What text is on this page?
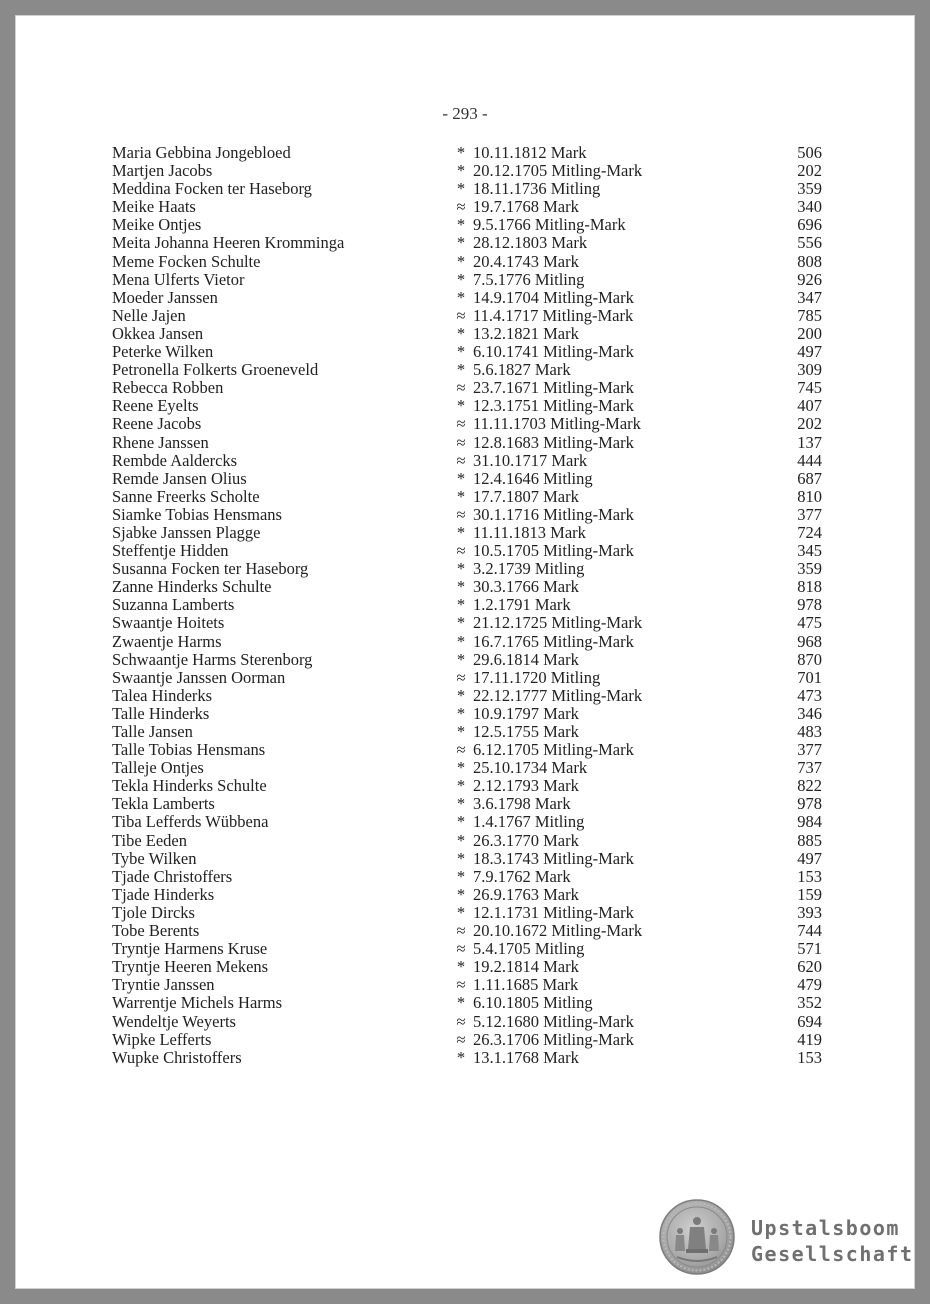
- 293 -
Maria Gebbina Jongebloed	* 10.11.1812 Mark	506
Martjen Jacobs	* 20.12.1705 Mitling-Mark	202
Meddina Focken ter Haseborg	* 18.11.1736 Mitling	359
Meike Haats	≈ 19.7.1768 Mark	340
Meike Ontjes	* 9.5.1766 Mitling-Mark	696
Meita Johanna Heeren Kromminga	* 28.12.1803 Mark	556
Meme Focken Schulte	* 20.4.1743 Mark	808
Mena Ulferts Vietor	* 7.5.1776 Mitling	926
Moeder Janssen	* 14.9.1704 Mitling-Mark	347
Nelle Jajen	≈ 11.4.1717 Mitling-Mark	785
Okkea Jansen	* 13.2.1821 Mark	200
Peterke Wilken	* 6.10.1741 Mitling-Mark	497
Petronella Folkerts Groeneveld	* 5.6.1827 Mark	309
Rebecca Robben	≈ 23.7.1671 Mitling-Mark	745
Reene Eyelts	* 12.3.1751 Mitling-Mark	407
Reene Jacobs	≈ 11.11.1703 Mitling-Mark	202
Rhene Janssen	≈ 12.8.1683 Mitling-Mark	137
Rembde Aaldercks	≈ 31.10.1717 Mark	444
Remde Jansen Olius	* 12.4.1646 Mitling	687
Sanne Freerks Scholte	* 17.7.1807 Mark	810
Siamke Tobias Hensmans	≈ 30.1.1716 Mitling-Mark	377
Sjabke Janssen Plagge	* 11.11.1813 Mark	724
Steffentje Hidden	≈ 10.5.1705 Mitling-Mark	345
Susanna Focken ter Haseborg	* 3.2.1739 Mitling	359
Zanne Hinderks Schulte	* 30.3.1766 Mark	818
Suzanna Lamberts	* 1.2.1791 Mark	978
Swaantje Hoitets	* 21.12.1725 Mitling-Mark	475
Zwaentje Harms	* 16.7.1765 Mitling-Mark	968
Schwaantje Harms Sterenborg	* 29.6.1814 Mark	870
Swaantje Janssen Oorman	≈ 17.11.1720 Mitling	701
Talea Hinderks	* 22.12.1777 Mitling-Mark	473
Talle Hinderks	* 10.9.1797 Mark	346
Talle Jansen	* 12.5.1755 Mark	483
Talle Tobias Hensmans	≈ 6.12.1705 Mitling-Mark	377
Talleje Ontjes	* 25.10.1734 Mark	737
Tekla Hinderks Schulte	* 2.12.1793 Mark	822
Tekla Lamberts	* 3.6.1798 Mark	978
Tiba Lefferds Wübbena	* 1.4.1767 Mitling	984
Tibe Eeden	* 26.3.1770 Mark	885
Tybe Wilken	* 18.3.1743 Mitling-Mark	497
Tjade Christoffers	* 7.9.1762 Mark	153
Tjade Hinderks	* 26.9.1763 Mark	159
Tjole Dircks	* 12.1.1731 Mitling-Mark	393
Tobe Berents	≈ 20.10.1672 Mitling-Mark	744
Tryntje Harmens Kruse	≈ 5.4.1705 Mitling	571
Tryntje Heeren Mekens	* 19.2.1814 Mark	620
Tryntie Janssen	≈ 1.11.1685 Mark	479
Warrentje Michels Harms	* 6.10.1805 Mitling	352
Wendeltje Weyerts	≈ 5.12.1680 Mitling-Mark	694
Wipke Lefferts	≈ 26.3.1706 Mitling-Mark	419
Wupke Christoffers	* 13.1.1768 Mark	153
Upstalsboom
Gesellschaft
